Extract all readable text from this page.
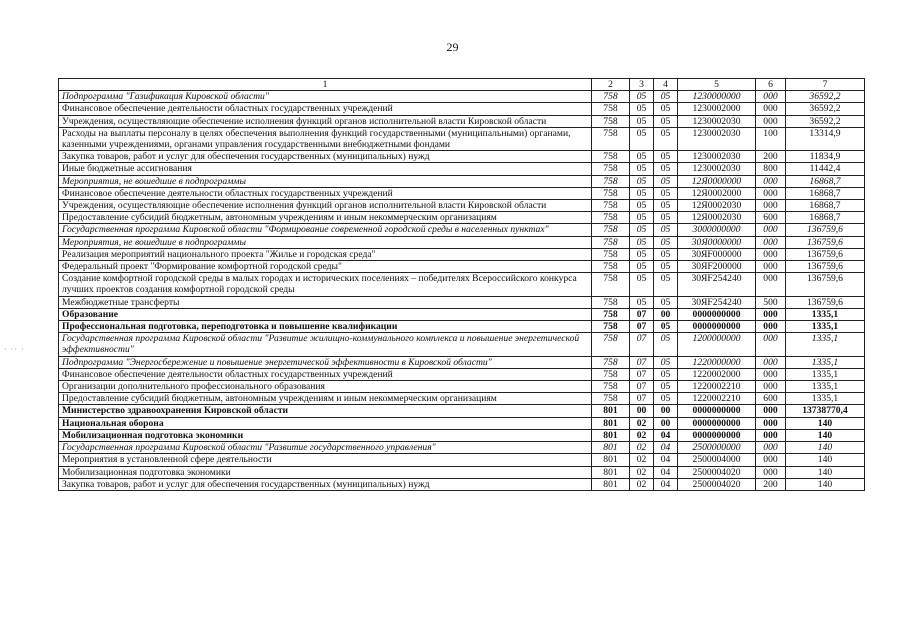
29
· ·· ·
1	2	3	4	5	6	7
Подпрограмма "Газификация Кировской области"	758	05	05	1230000000	000	36592,2
Финансовое обеспечение деятельности областных государственных учреждений	758	05	05	1230002000	000	36592,2
Учреждения, осуществляющие обеспечение исполнения функций органов исполнительной власти Кировской области	758	05	05	1230002030	000	36592,2
Расходы на выплаты персоналу в целях обеспечения выполнения функций государственными (муниципальными) органами, казенными учреждениями, органами управления государственными внебюджетными фондами	758	05	05	1230002030	100	13314,9
Закупка товаров, работ и услуг для обеспечения государственных (муниципальных) нужд	758	05	05	1230002030	200	11834,9
Иные бюджетные ассигнования	758	05	05	1230002030	800	11442,4
Мероприятия, не вошедшие в подпрограммы	758	05	05	12Я0000000	000	16868,7
Финансовое обеспечение деятельности областных государственных учреждений	758	05	05	12Я0002000	000	16868,7
Учреждения, осуществляющие обеспечение исполнения функций органов исполнительной власти Кировской области	758	05	05	12Я0002030	000	16868,7
Предоставление субсидий бюджетным, автономным учреждениям и иным некоммерческим организациям	758	05	05	12Я0002030	600	16868,7
Государственная программа Кировской области "Формирование современной городской среды в населенных пунктах"	758	05	05	3000000000	000	136759,6
Мероприятия, не вошедшие в подпрограммы	758	05	05	30Я0000000	000	136759,6
Реализация мероприятий национального проекта "Жилье и городская среда"	758	05	05	30ЯF000000	000	136759,6
Федеральный проект "Формирование комфортной городской среды"	758	05	05	30ЯF200000	000	136759,6
Создание комфортной городской среды в малых городах и исторических поселениях – победителях Всероссийского конкурса лучших проектов создания комфортной городской среды	758	05	05	30ЯF254240	000	136759,6
Межбюджетные трансферты	758	05	05	30ЯF254240	500	136759,6
Образование	758	07	00	0000000000	000	1335,1
Профессиональная подготовка, переподготовка и повышение квалификации	758	07	05	0000000000	000	1335,1
Государственная программа Кировской области "Развитие жилищно-коммунального комплекса и повышение энергетической эффективности"	758	07	05	1200000000	000	1335,1
Подпрограмма "Энергосбережение и повышение энергетической эффективности в Кировской области"	758	07	05	1220000000	000	1335,1
Финансовое обеспечение деятельности областных государственных учреждений	758	07	05	1220002000	000	1335,1
Организации дополнительного профессионального образования	758	07	05	1220002210	000	1335,1
Предоставление субсидий бюджетным, автономным учреждениям и иным некоммерческим организациям	758	07	05	1220002210	600	1335,1
Министерство здравоохранения Кировской области	801	00	00	0000000000	000	13738770,4
Национальная оборона	801	02	00	0000000000	000	140
Мобилизационная подготовка экономики	801	02	04	0000000000	000	140
Государственная программа Кировской области "Развитие государственного управления"	801	02	04	2500000000	000	140
Мероприятия в установленной сфере деятельности	801	02	04	2500004000	000	140
Мобилизационная подготовка экономики	801	02	04	2500004020	000	140
Закупка товаров, работ и услуг для обеспечения государственных (муниципальных) нужд	801	02	04	2500004020	200	140
